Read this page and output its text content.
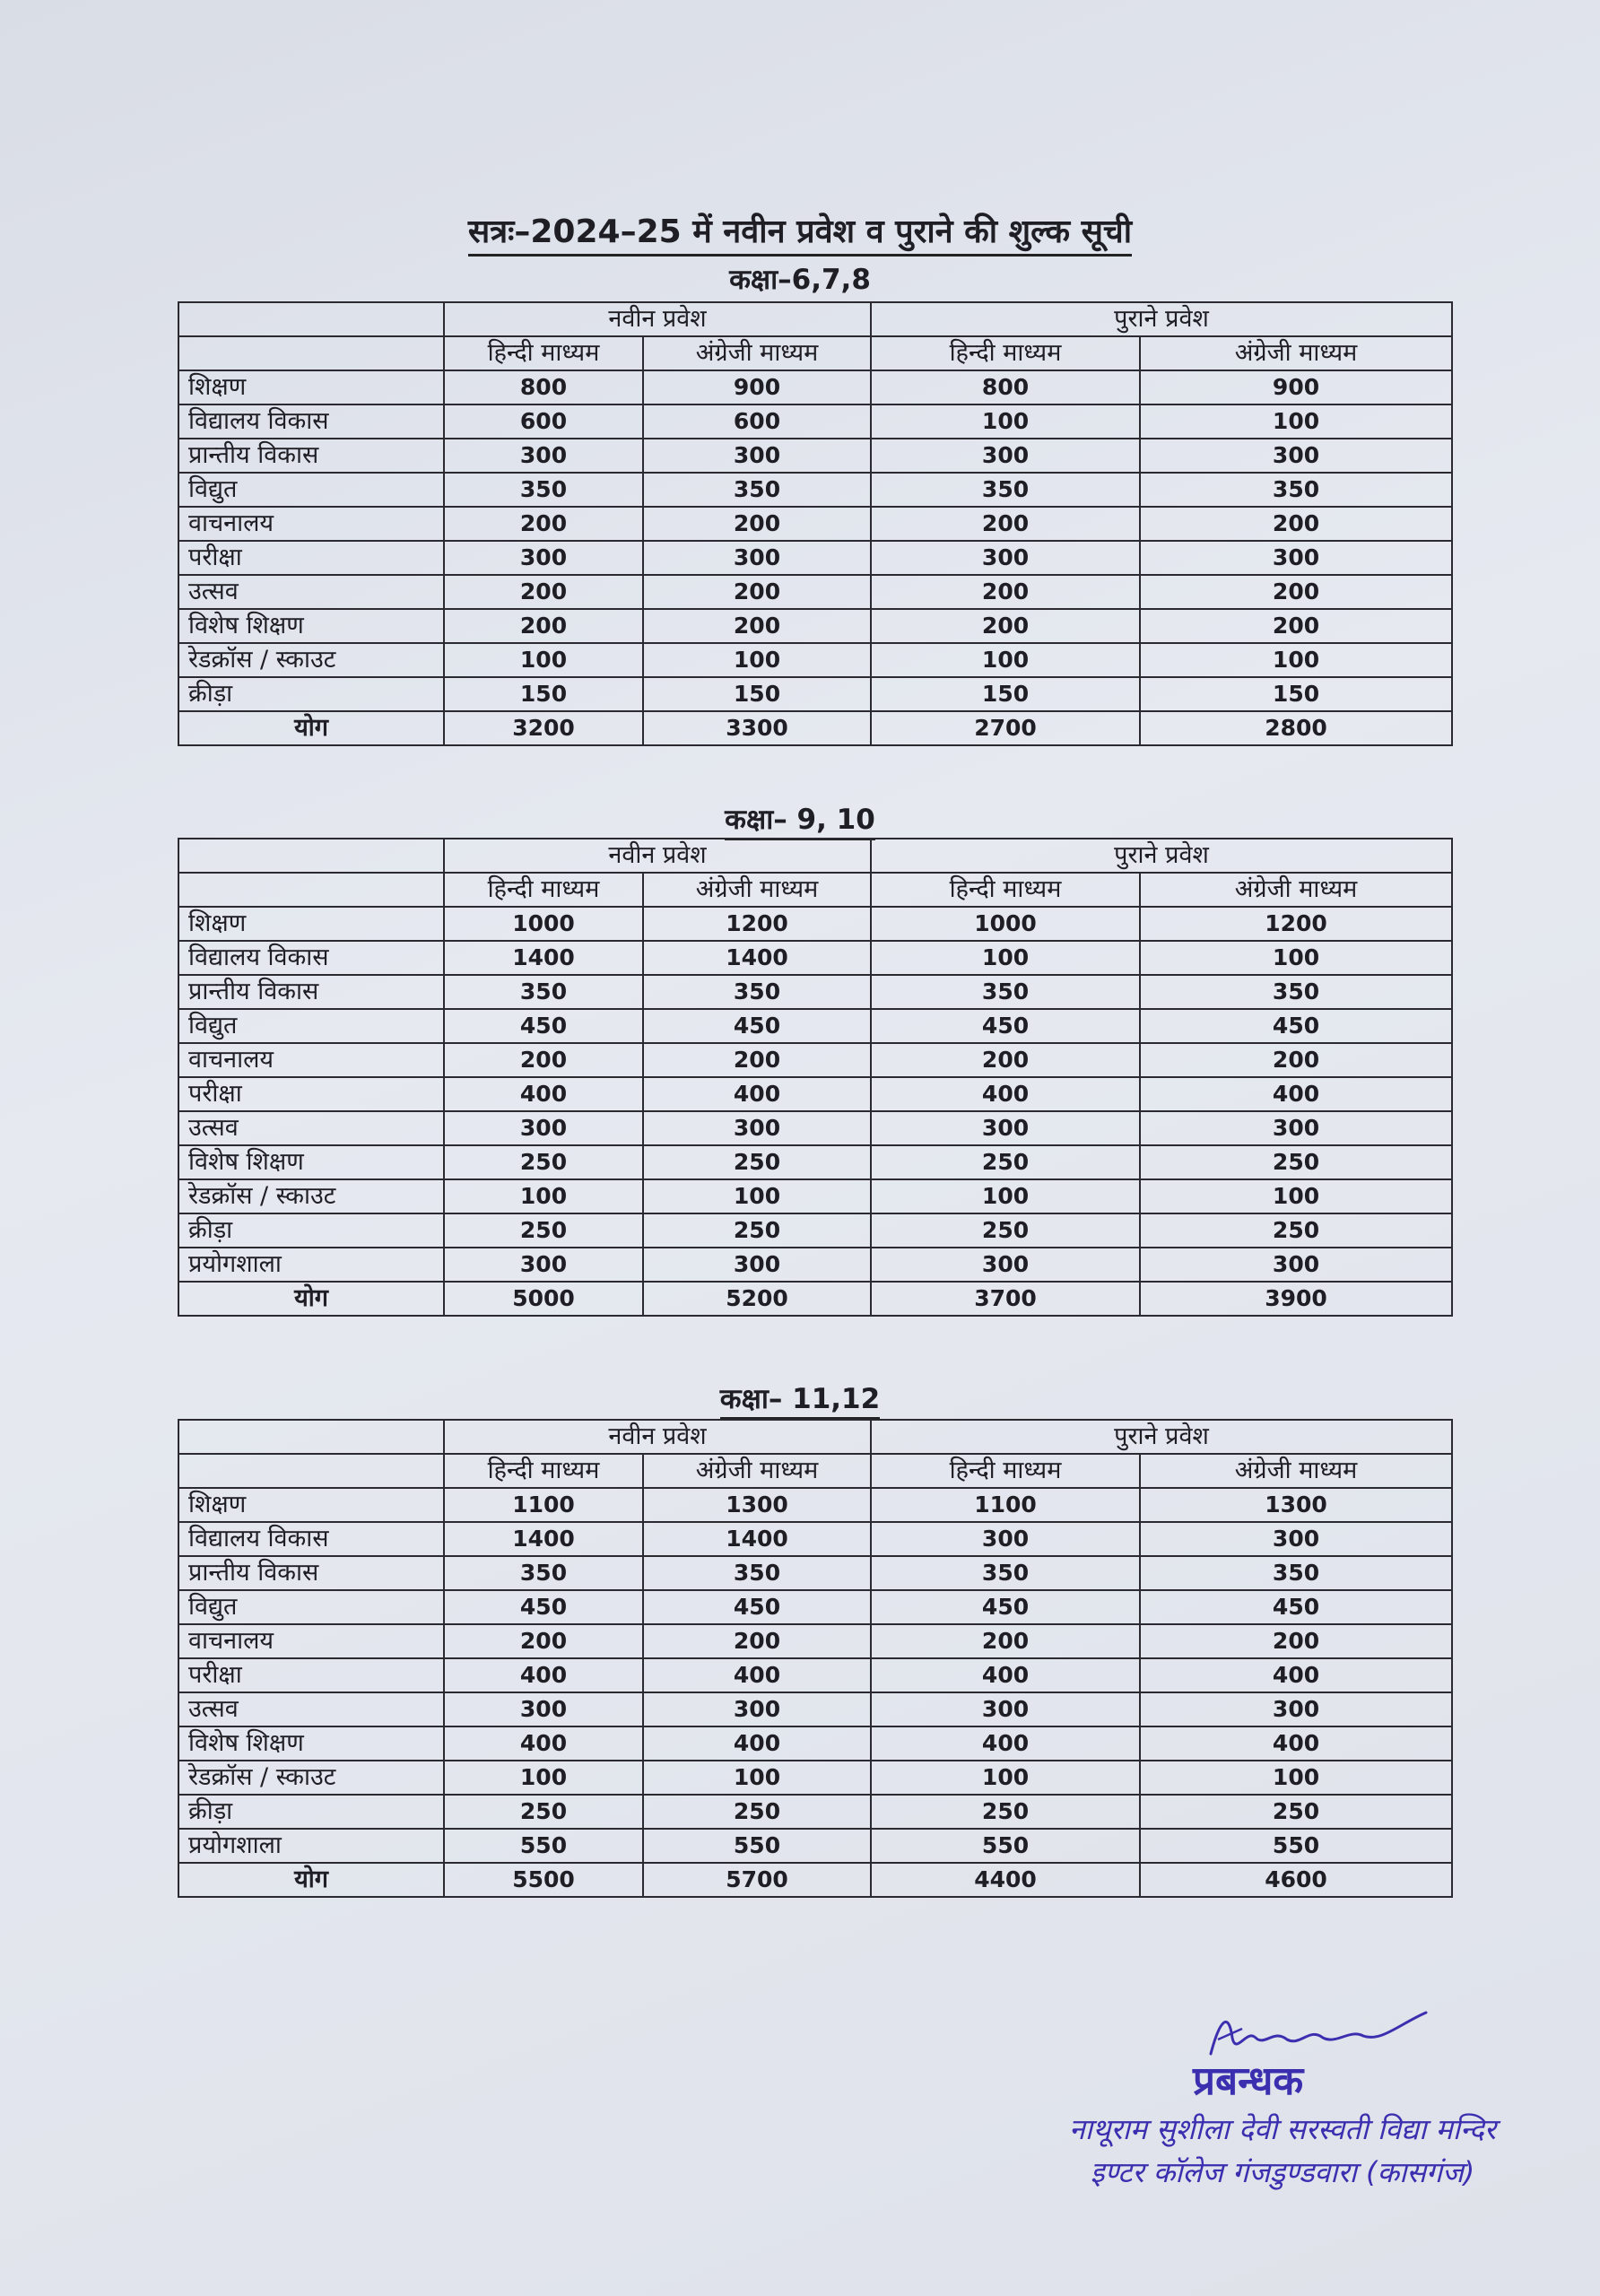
सत्रः–2024–25 में नवीन प्रवेश व पुराने की शुल्क सूची
कक्षा–6,7,8
	नवीन प्रवेश		पुराने प्रवेश	
	हिन्दी माध्यम	अंग्रेजी माध्यम	हिन्दी माध्यम	अंग्रेजी माध्यम
शिक्षण	800	900	800	900
विद्यालय विकास	600	600	100	100
प्रान्तीय विकास	300	300	300	300
विद्युत	350	350	350	350
वाचनालय	200	200	200	200
परीक्षा	300	300	300	300
उत्सव	200	200	200	200
विशेष शिक्षण	200	200	200	200
रेडक्रॉस / स्काउट	100	100	100	100
क्रीड़ा	150	150	150	150
योग	3200	3300	2700	2800
कक्षा– 9, 10
	नवीन प्रवेश		पुराने प्रवेश	
	हिन्दी माध्यम	अंग्रेजी माध्यम	हिन्दी माध्यम	अंग्रेजी माध्यम
शिक्षण	1000	1200	1000	1200
विद्यालय विकास	1400	1400	100	100
प्रान्तीय विकास	350	350	350	350
विद्युत	450	450	450	450
वाचनालय	200	200	200	200
परीक्षा	400	400	400	400
उत्सव	300	300	300	300
विशेष शिक्षण	250	250	250	250
रेडक्रॉस / स्काउट	100	100	100	100
क्रीड़ा	250	250	250	250
प्रयोगशाला	300	300	300	300
योग	5000	5200	3700	3900
कक्षा– 11,12
	नवीन प्रवेश		पुराने प्रवेश	
	हिन्दी माध्यम	अंग्रेजी माध्यम	हिन्दी माध्यम	अंग्रेजी माध्यम
शिक्षण	1100	1300	1100	1300
विद्यालय विकास	1400	1400	300	300
प्रान्तीय विकास	350	350	350	350
विद्युत	450	450	450	450
वाचनालय	200	200	200	200
परीक्षा	400	400	400	400
उत्सव	300	300	300	300
विशेष शिक्षण	400	400	400	400
रेडक्रॉस / स्काउट	100	100	100	100
क्रीड़ा	250	250	250	250
प्रयोगशाला	550	550	550	550
योग	5500	5700	4400	4600
प्रबन्धक
नाथूराम सुशीला देवी सरस्वती विद्या मन्दिर
इण्टर कॉलेज गंजडुण्डवारा (कासगंज)
